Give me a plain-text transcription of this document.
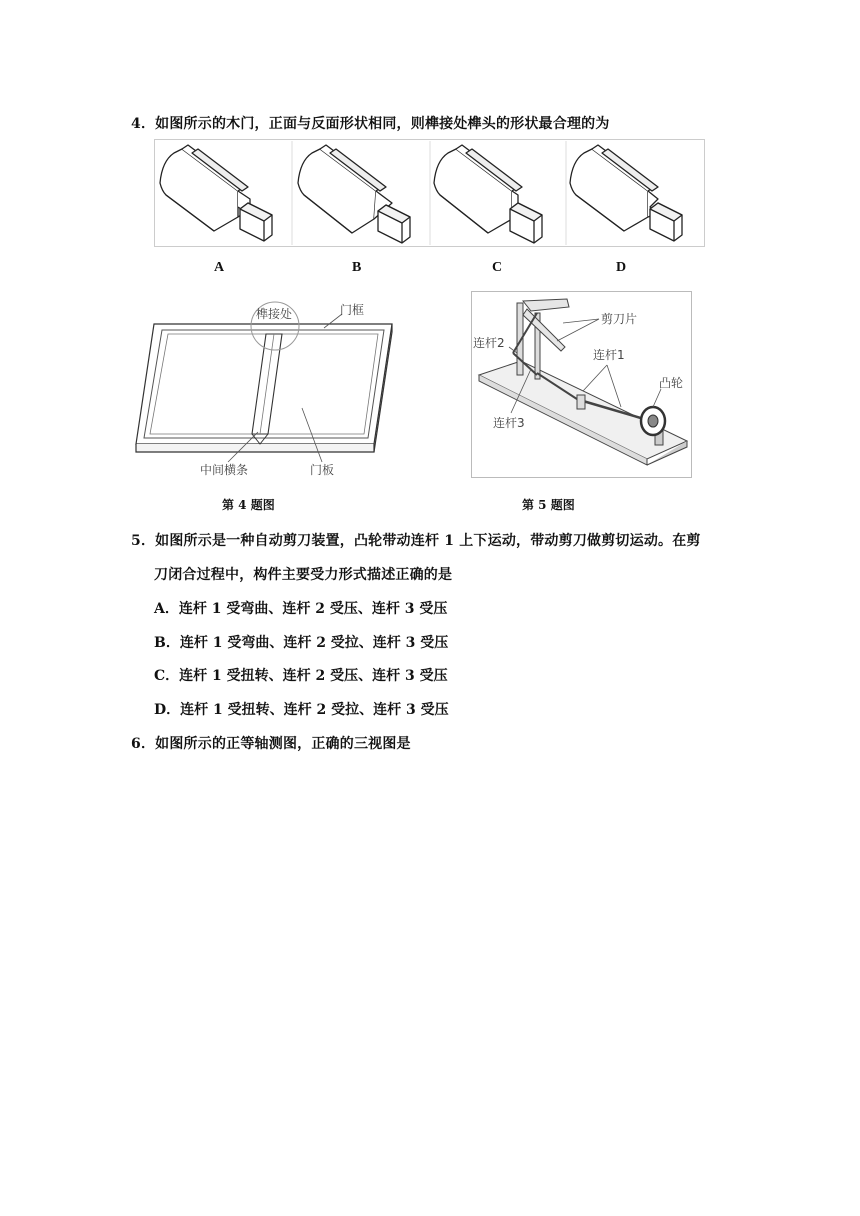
4．如图所示的木门，正面与反面形状相同，则榫接处榫头的形状最合理的为
A	B	C	D
榫接处	门框
中间横条	门板
剪刀片
连杆2
连杆1
凸轮
连杆3
第 4 题图	第 5 题图
5．如图所示是一种自动剪刀装置，凸轮带动连杆 1 上下运动，带动剪刀做剪切运动。在剪
刀闭合过程中，构件主要受力形式描述正确的是
A．连杆 1 受弯曲、连杆 2 受压、连杆 3 受压
B．连杆 1 受弯曲、连杆 2 受拉、连杆 3 受压
C．连杆 1 受扭转、连杆 2 受压、连杆 3 受压
D．连杆 1 受扭转、连杆 2 受拉、连杆 3 受压
6．如图所示的正等轴测图，正确的三视图是
